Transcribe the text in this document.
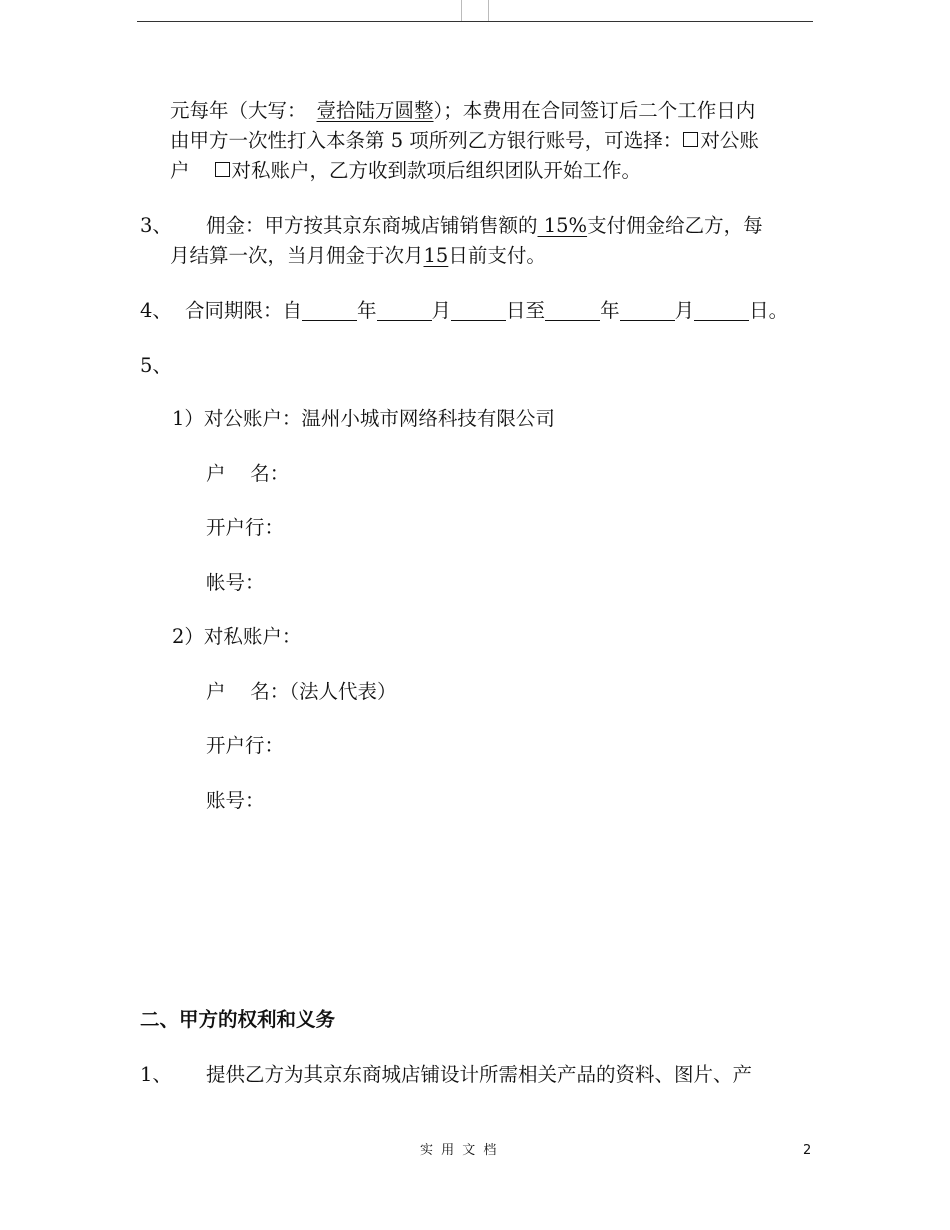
元每年（大写： 壹拾陆万圆整）；本费用在合同签订后二个工作日内
由甲方一次性打入本条第 5 项所列乙方银行账号，可选择： 对公账
户 对私账户，乙方收到款项后组织团队开始工作。
3、 佣金：甲方按其京东商城店铺销售额的 15%支付佣金给乙方，每
月结算一次，当月佣金于次月15日前支付。
4、 合同期限：自	年	月	日至	年	月	日。
5、
1）对公账户：温州小城市网络科技有限公司
户    名：
开户行：
帐号：
2）对私账户：
户    名：（法人代表）
开户行：
账号：
二、甲方的权利和义务
1、 提供乙方为其京东商城店铺设计所需相关产品的资料、图片、产
实 用 文 档	2
